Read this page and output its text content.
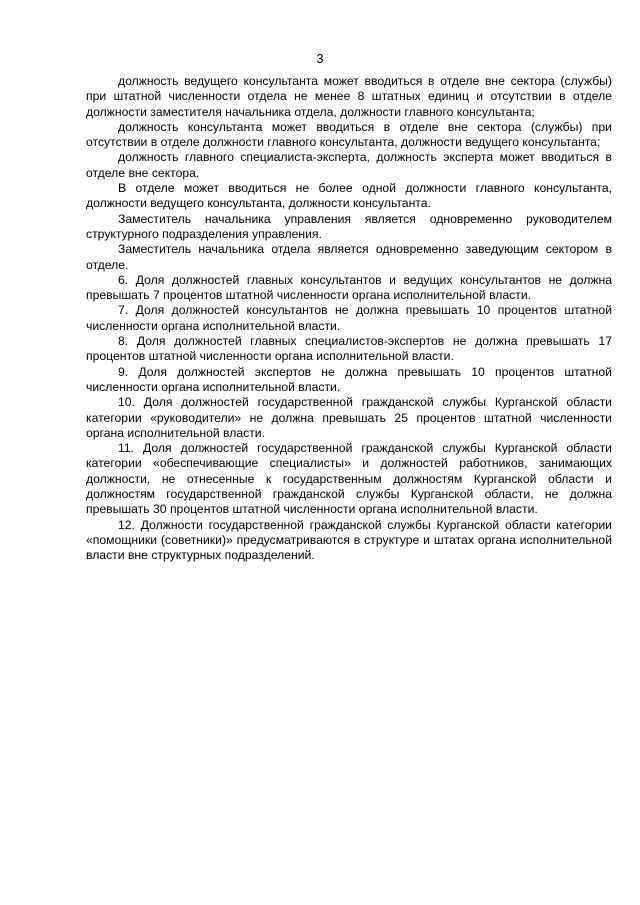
3

должность ведущего консультанта может вводиться в отделе вне сектора (службы) при штатной численности отдела не менее 8 штатных единиц и отсутствии в отделе должности заместителя начальника отдела, должности главного консультанта;

должность консультанта может вводиться в отделе вне сектора (службы) при отсутствии в отделе должности главного консультанта, должности ведущего консультанта;

должность главного специалиста-эксперта, должность эксперта может вводиться в отделе вне сектора.

В отделе может вводиться не более одной должности главного консультанта, должности ведущего консультанта, должности консультанта.

Заместитель начальника управления является одновременно руководителем структурного подразделения управления.

Заместитель начальника отдела является одновременно заведующим сектором в отделе.

6. Доля должностей главных консультантов и ведущих консультантов не должна превышать 7 процентов штатной численности органа исполнительной власти.

7. Доля должностей консультантов не должна превышать 10 процентов штатной численности органа исполнительной власти.

8. Доля должностей главных специалистов-экспертов не должна превышать 17 процентов штатной численности органа исполнительной власти.

9. Доля должностей экспертов не должна превышать 10 процентов штатной численности органа исполнительной власти.

10. Доля должностей государственной гражданской службы Курганской области категории «руководители» не должна превышать 25 процентов штатной численности органа исполнительной власти.

11. Доля должностей государственной гражданской службы Курганской области категории «обеспечивающие специалисты» и должностей работников, занимающих должности, не отнесенные к государственным должностям Курганской области и должностям государственной гражданской службы Курганской области, не должна превышать 30 процентов штатной численности органа исполнительной власти.

12. Должности государственной гражданской службы Курганской области категории «помощники (советники)» предусматриваются в структуре и штатах органа исполнительной власти вне структурных подразделений.
